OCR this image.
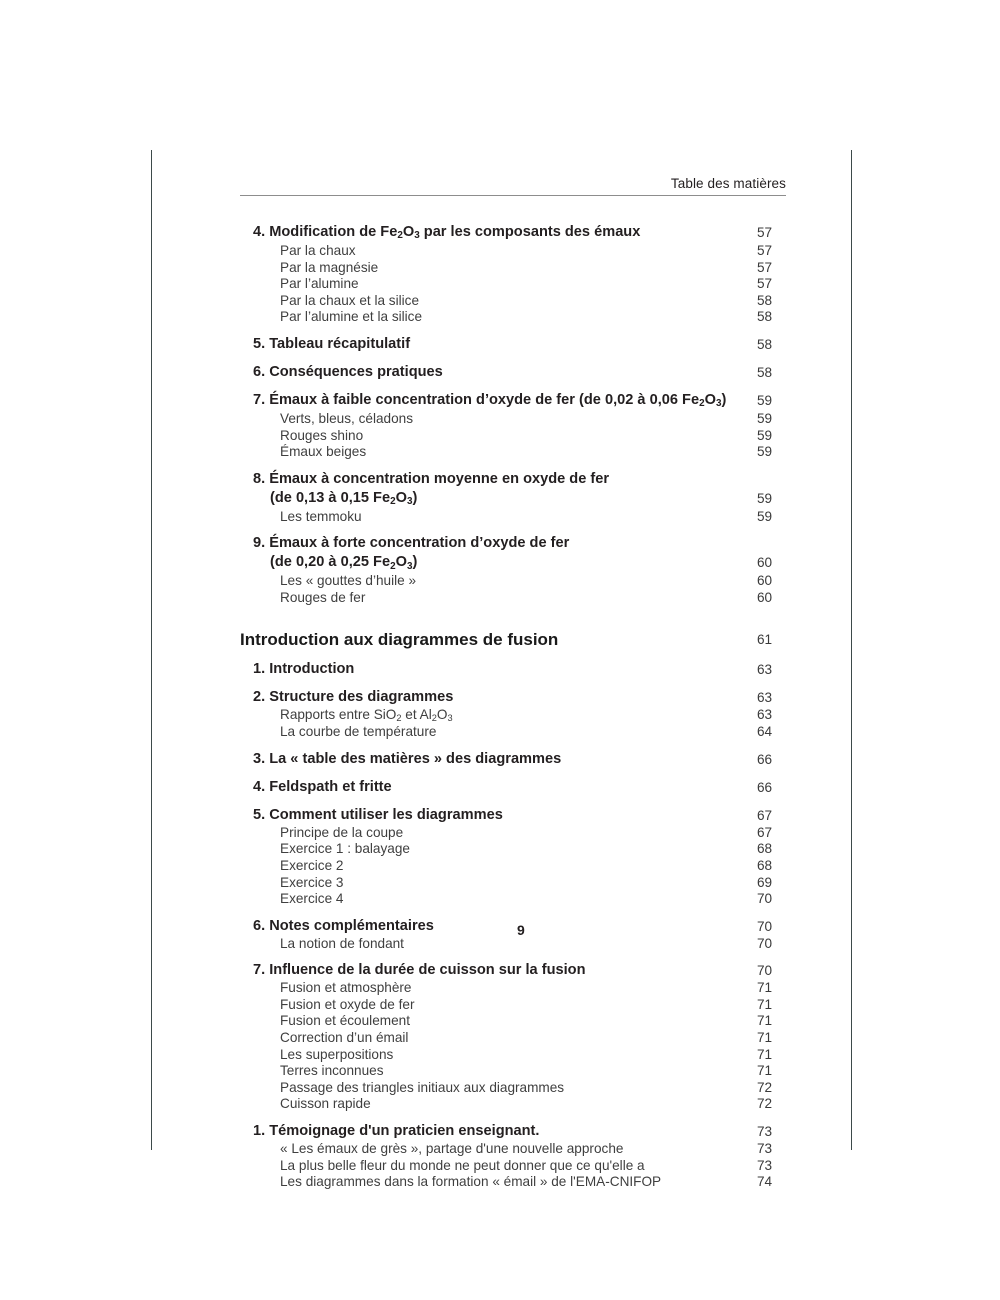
Table des matières
4. Modification de $Fe_2O_3$ par les composants des émaux	57
Par la chaux	57
Par la magnésie	57
Par l’alumine	57
Par la chaux et la silice	58
Par l’alumine et la silice	58
5. Tableau récapitulatif	58
6. Conséquences pratiques	58
7. Émaux à faible concentration d’oxyde de fer (de 0,02 à 0,06 $Fe_2O_3$) 59
Verts, bleus, céladons	59
Rouges shino	59
Émaux beiges	59
8. Émaux à concentration moyenne en oxyde de fer
(de 0,13 à 0,15 $Fe_2O_3$)	59
Les temmoku	59
9. Émaux à forte concentration d’oxyde de fer
(de 0,20 à 0,25 $Fe_2O_3$)	60
Les « gouttes d’huile »	60
Rouges de fer	60
Introduction aux diagrammes de fusion	61
1. Introduction	63
2. Structure des diagrammes	63
Rapports entre SiO$_2$ et $Al_2O_3$	63
La courbe de température	64
3. La « table des matières » des diagrammes	66
4. Feldspath et fritte	66
5. Comment utiliser les diagrammes	67
Principe de la coupe	67
Exercice 1 : balayage	68
Exercice 2	68
Exercice 3	69
Exercice 4	70
6. Notes complémentaires	70
La notion de fondant	70
7. Influence de la durée de cuisson sur la fusion	70
Fusion et atmosphère	71
Fusion et oxyde de fer	71
Fusion et écoulement	71
Correction d’un émail	71
Les superpositions	71
Terres inconnues	71
Passage des triangles initiaux aux diagrammes	72
Cuisson rapide	72
1. Témoignage d'un praticien enseignant.	73
« Les émaux de grès », partage d'une nouvelle approche	73
La plus belle fleur du monde ne peut donner que ce qu'elle a	73
Les diagrammes dans la formation « émail » de l'EMA-CNIFOP	74
9
